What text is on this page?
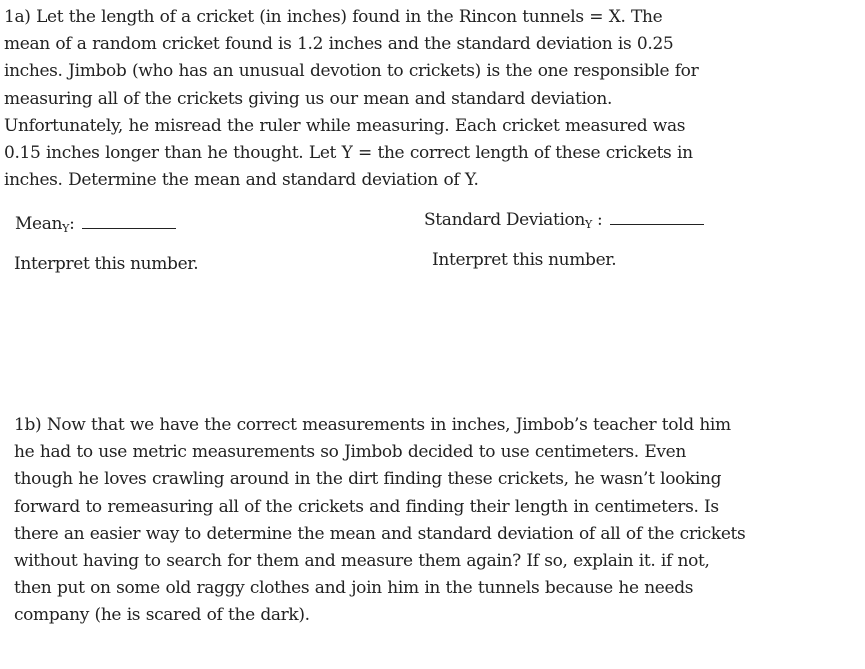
1a) Let the length of a cricket (in inches) found in the Rincon tunnels = X. The
mean of a random cricket found is 1.2 inches and the standard deviation is 0.25
inches. Jimbob (who has an unusual devotion to crickets) is the one responsible for
measuring all of the crickets giving us our mean and standard deviation.
Unfortunately, he misread the ruler while measuring. Each cricket measured was
0.15 inches longer than he thought. Let Y = the correct length of these crickets in
inches. Determine the mean and standard deviation of Y.
Mean$_Y$:	Standard Deviation$_Y$ :
Interpret this number.	Interpret this number.
1b) Now that we have the correct measurements in inches, Jimbob’s teacher told him
he had to use metric measurements so Jimbob decided to use centimeters. Even
though he loves crawling around in the dirt finding these crickets, he wasn’t looking
forward to remeasuring all of the crickets and finding their length in centimeters. Is
there an easier way to determine the mean and standard deviation of all of the crickets
without having to search for them and measure them again? If so, explain it. if not,
then put on some old raggy clothes and join him in the tunnels because he needs
company (he is scared of the dark).
